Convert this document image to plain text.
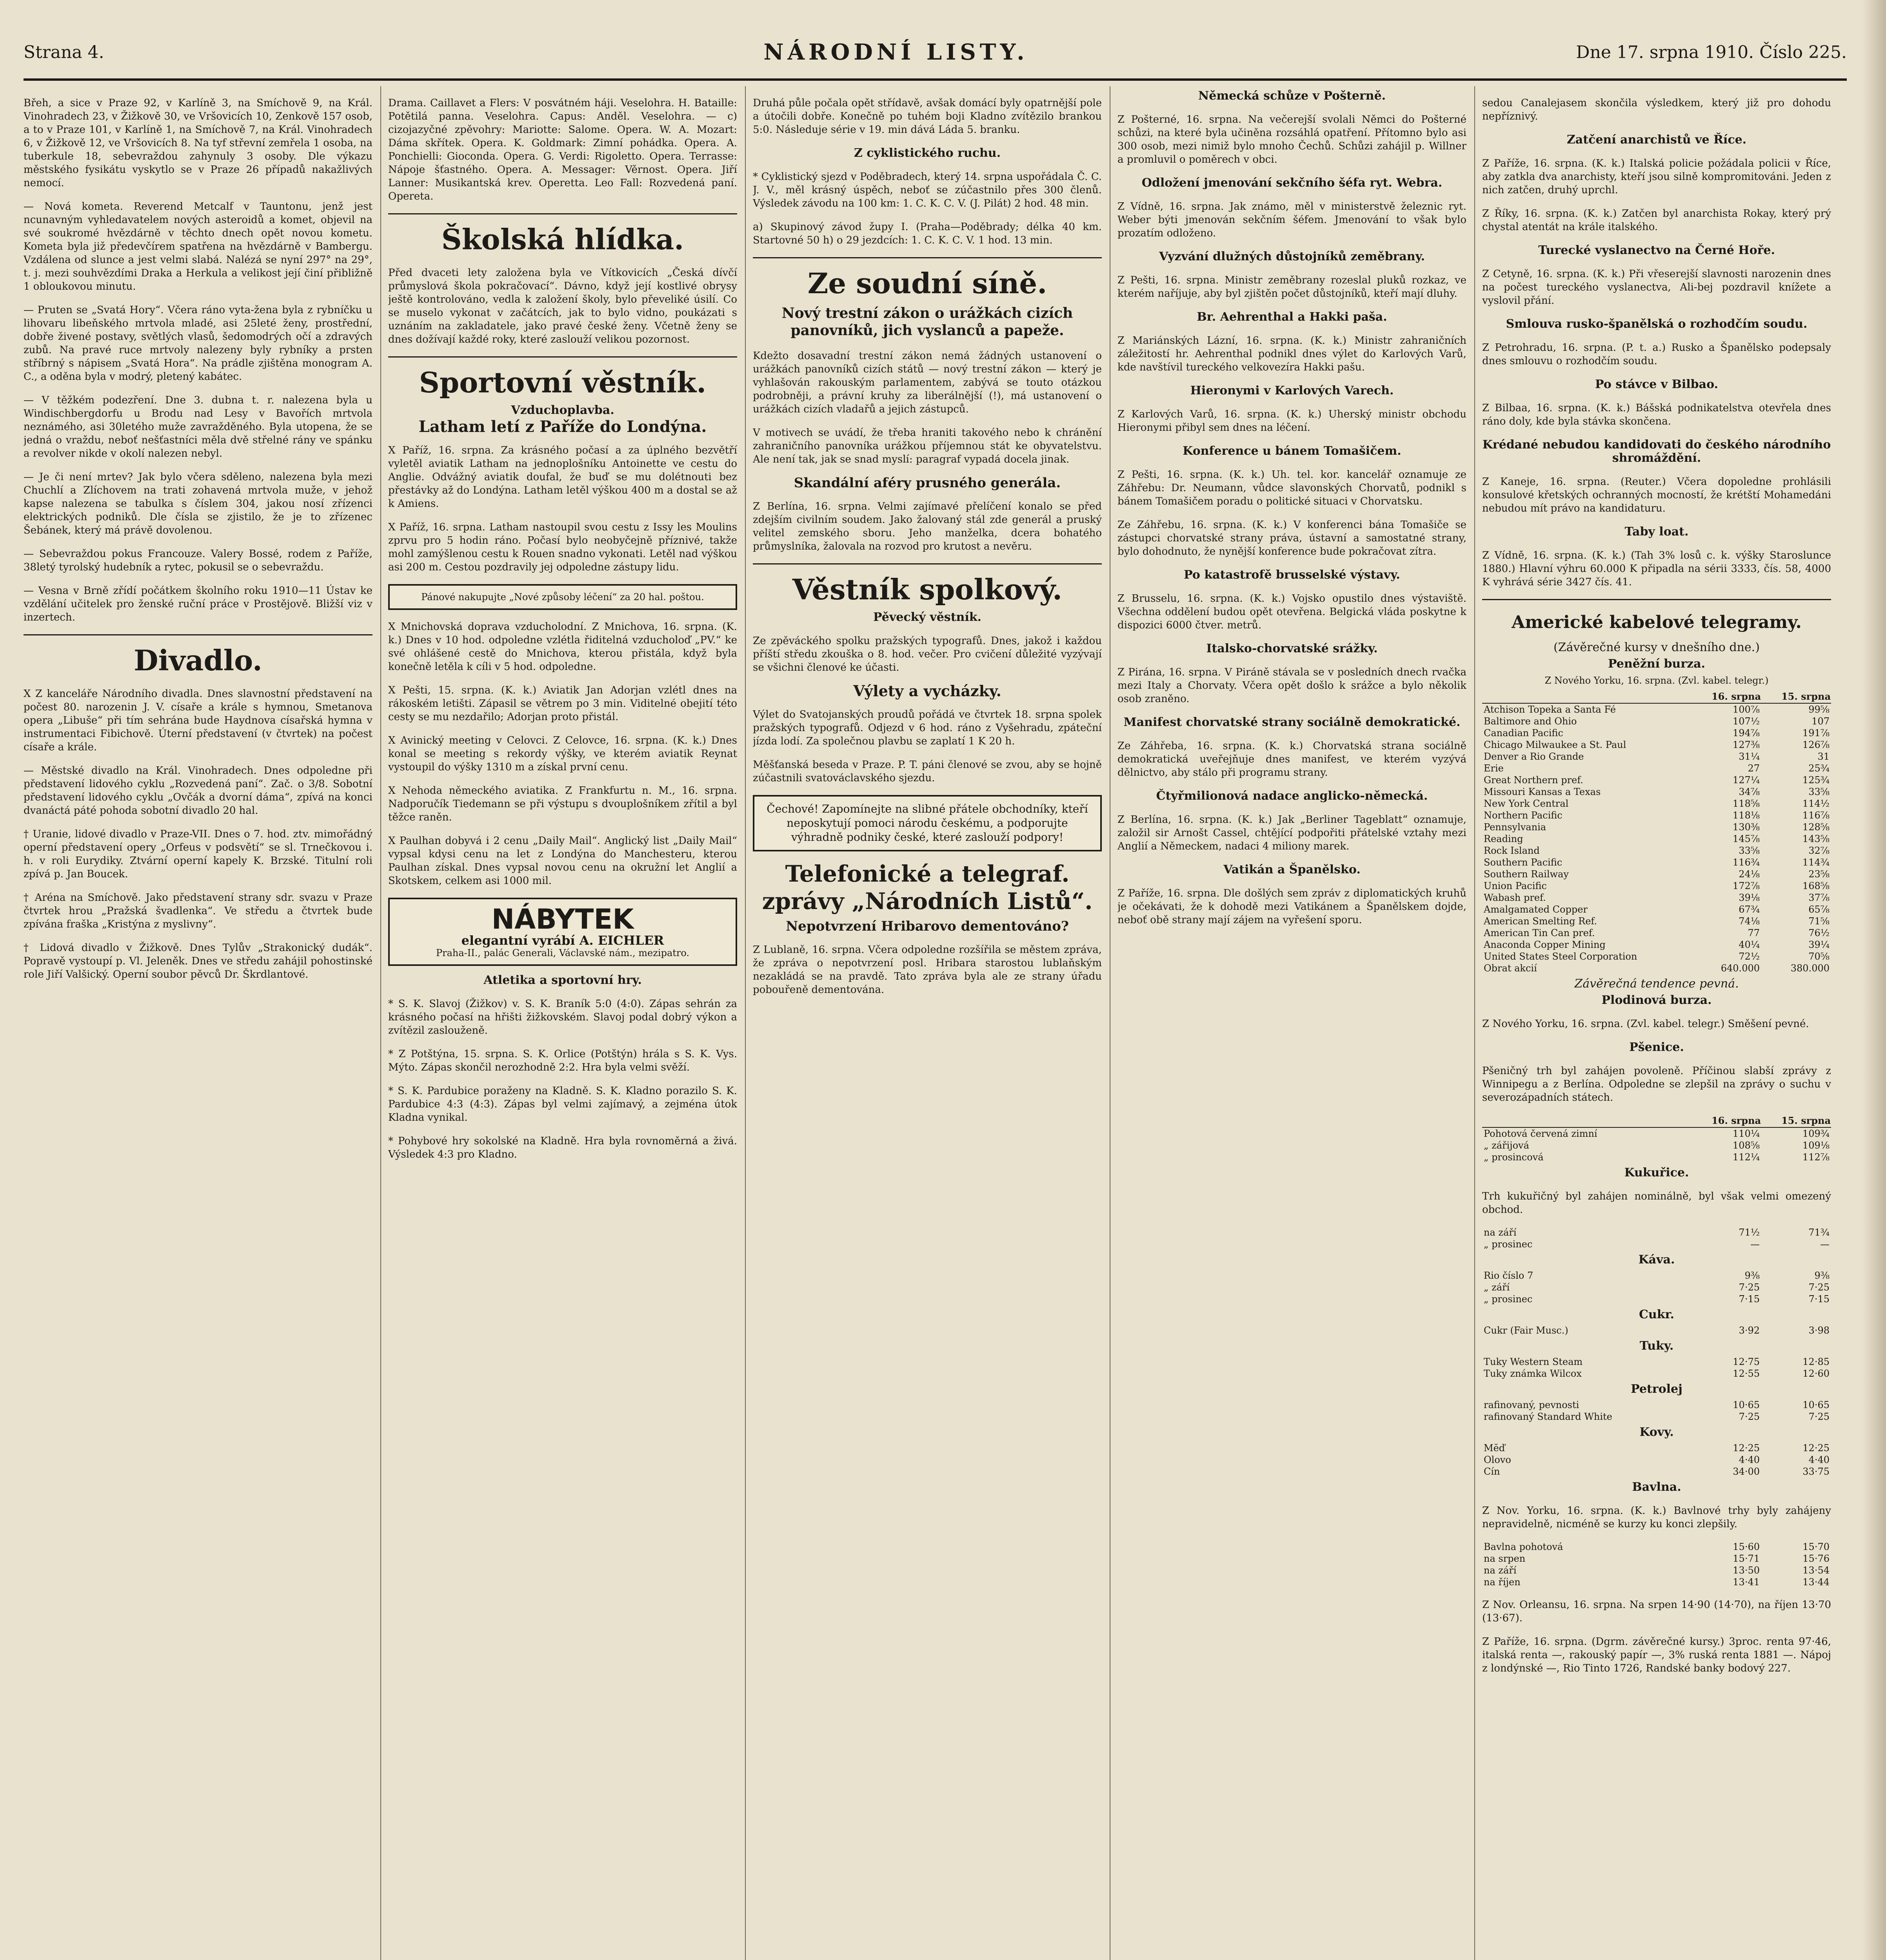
Strana 4.	NÁRODNÍ LISTY.	Dne 17. srpna 1910. Číslo 225.

Břeh, a sice v Praze 92, v Karlíně 3, na Smíchově 9, na Král. Vinohradech 23, v Žižkově 30, ve Vršovicích 10, Zenkově 157 osob, a to v Praze 101, v Karlíně 1, na Smíchově 7, na Král. Vinohradech 6, v Žižkově 12, ve Vršovicích 8. Na tyf střevní zemřela 1 osoba, na tuberkule 18, sebevraždou zahynuly 3 osoby. Dle výkazu městského fysikátu vyskytlo se v Praze 26 případů nakažlivých nemocí.

— Nová kometa. Reverend Metcalf v Tauntonu, jenž jest ncunavným vyhledavatelem nových asteroidů a komet, objevil na své soukromé hvězdárně v těchto dnech opět novou kometu. Kometa byla již předevčírem spatřena na hvězdárně v Bambergu. Vzdálena od slunce a jest velmi slabá. Nalézá se nyní 297° na 29°, t. j. mezi souhvězdími Draka a Herkula a velikost její činí přibližně 1 obloukovou minutu.

— Pruten se „Svatá Hory“. Včera ráno vyta-žena byla z rybníčku u lihovaru libeňského mrtvola mladé, asi 25leté ženy, prostřední, dobře živené postavy, světlých vlasů, šedomodrých očí a zdravých zubů. Na pravé ruce mrtvoly nalezeny byly rybníky a prsten stříbrný s nápisem „Svatá Hora“. Na prádle zjištěna monogram A. C., a oděna byla v modrý, pletený kabátec.

— V těžkém podezření. Dne 3. dubna t. r. nalezena byla u Windischbergdorfu u Brodu nad Lesy v Bavořích mrtvola neznámého, asi 30letého muže zavražděného. Byla utopena, že se jedná o vraždu, neboť nešťastníci měla dvě střelné rány ve spánku a revolver nikde v okolí nalezen nebyl.

— Je či není mrtev? Jak bylo včera sděleno, nalezena byla mezi Chuchlí a Zlíchovem na trati zohavená mrtvola muže, v jehož kapse nalezena se tabulka s číslem 304, jakou nosí zřízenci elektrických podniků. Dle čísla se zjistilo, že je to zřízenec Šebánek, který má právě dovolenou.

— Sebevraždou pokus Francouze. Valery Bossé, rodem z Paříže, 38letý tyrolský hudebník a rytec, pokusil se o sebevraždu.

— Vesna v Brně zřídí počátkem školního roku 1910—11 Ústav ke vzdělání učitelek pro ženské ruční práce v Prostějově. Bližší viz v inzertech.

Divadlo.

X Z kanceláře Národního divadla. Dnes slavnostní představení na počest 80. narozenin J. V. císaře a krále s hymnou, Smetanova opera „Libuše“ při tím sehrána bude Haydnova císařská hymna v instrumentaci Fibichově. Úterní představení (v čtvrtek) na počest císaře a krále.

— Městské divadlo na Král. Vinohradech. Dnes odpoledne při představení lidového cyklu „Rozvedená paní“. Zač. o 3/8. Sobotní představení lidového cyklu „Ovčák a dvorní dáma“, zpívá na konci dvanáctá páté pohoda sobotní divadlo 20 hal.

† Uranie, lidové divadlo v Praze-VII. Dnes o 7. hod. ztv. mimořádný operní představení opery „Orfeus v podsvětí“ se sl. Trnečkovou i. h. v roli Eurydiky. Ztvární operní kapely K. Brzské. Titulní roli zpívá p. Jan Boucek.

† Aréna na Smíchově. Jako představení strany sdr. svazu v Praze čtvrtek hrou „Pražská švadlenka“. Ve středu a čtvrtek bude zpívána fraška „Kristýna z myslivny“.

† Lidová divadlo v Žižkově. Dnes Tylův „Strakonický dudák“. Popravě vystoupí p. Vl. Jeleněk. Dnes ve středu zahájil pohostinské role Jiří Valšický. Operní soubor pěvců Dr. Škrdlantové.

Drama. Caillavet a Flers: V posvátném háji. Veselohra. H. Bataille: Potětilá panna. Veselohra. Capus: Anděl. Veselohra. — c) cizojazyčné zpěvohry: Mariotte: Salome. Opera. W. A. Mozart: Dáma skřítek. Opera. K. Goldmark: Zimní pohádka. Opera. A. Ponchielli: Gioconda. Opera. G. Verdi: Rigoletto. Opera. Terrasse: Nápoje šťastného. Opera. A. Messager: Věrnost. Opera. Jiří Lanner: Musikantská krev. Operetta. Leo Fall: Rozvedená paní. Opereta.

Školská hlídka.

Před dvaceti lety založena byla ve Vítkovicích „Česká dívčí průmyslová škola pokračovací“. Dávno, když její kostlivé obrysy ještě kontrolováno, vedla k založení školy, bylo převeliké úsilí. Co se muselo vykonat v začátcích, jak to bylo vidno, poukázati s uznáním na zakladatele, jako pravé české ženy. Včetně ženy se dnes dožívají každé roky, které zaslouží velikou pozornost.

Sportovní věstník.
Vzduchoplavba.
Latham letí z Paříže do Londýna.

X Paříž, 16. srpna. Za krásného počasí a za úplného bezvětří vyletěl aviatik Latham na jednoplošníku Antoinette ve cestu do Anglie. Odvážný aviatik doufal, že buď se mu dolétnouti bez přestávky až do Londýna. Latham letěl výškou 400 m a dostal se až k Amiens.

X Paříž, 16. srpna. Latham nastoupil svou cestu z Issy les Moulins zprvu pro 5 hodin ráno. Počasí bylo neobyčejně příznivé, takže mohl zamýšlenou cestu k Rouen snadno vykonati. Letěl nad výškou asi 200 m. Cestou pozdravily jej odpoledne zástupy lidu.

Pánové nakupujte „Nové způsoby léčení“ za 20 hal. poštou.

X Mnichovská doprava vzducholodní. Z Mnichova, 16. srpna. (K. k.) Dnes v 10 hod. odpoledne vzlétla řiditelná vzducholoď „PV.“ ke své ohlášené cestě do Mnichova, kterou přistála, když byla konečně letěla k cíli v 5 hod. odpoledne.

X Pešti, 15. srpna. (K. k.) Aviatik Jan Adorjan vzlétl dnes na rákoském letišti. Zápasil se větrem po 3 min. Viditelné obejití této cesty se mu nezdařilo; Adorjan proto přistál.

X Avinický meeting v Celovci. Z Celovce, 16. srpna. (K. k.) Dnes konal se meeting s rekordy výšky, ve kterém aviatik Reynat vystoupil do výšky 1310 m a získal první cenu.

X Nehoda německého aviatika. Z Frankfurtu n. M., 16. srpna. Nadporučík Tiedemann se při výstupu s dvouplošníkem zřítil a byl těžce raněn.

X Paulhan dobyvá i 2 cenu „Daily Mail“. Anglický list „Daily Mail“ vypsal kdysi cenu na let z Londýna do Manchesteru, kterou Paulhan získal. Dnes vypsal novou cenu na okružní let Anglií a Skotskem, celkem asi 1000 mil.

NÁBYTEK
elegantní vyrábí A. EICHLER
Praha-II., palác Generali, Václavské nám., mezipatro.
Atletika a sportovní hry.

* S. K. Slavoj (Žižkov) v. S. K. Braník 5:0 (4:0). Zápas sehrán za krásného počasí na hřišti žižkovském. Slavoj podal dobrý výkon a zvítězil zaslouženě.

* Z Potštýna, 15. srpna. S. K. Orlice (Potštýn) hrála s S. K. Vys. Mýto. Zápas skončil nerozhodně 2:2. Hra byla velmi svěží.

* S. K. Pardubice poraženy na Kladně. S. K. Kladno porazilo S. K. Pardubice 4:3 (4:3). Zápas byl velmi zajímavý, a zejména útok Kladna vynikal.

* Pohybové hry sokolské na Kladně. Hra byla rovnoměrná a živá. Výsledek 4:3 pro Kladno.

Druhá půle počala opět střídavě, avšak domácí byly opatrnější pole a útočili dobře. Konečně po tuhém boji Kladno zvítězilo brankou 5:0. Následuje série v 19. min dává Láda 5. branku.

Z cyklistického ruchu.

* Cyklistický sjezd v Poděbradech, který 14. srpna uspořádala Č. C. J. V., měl krásný úspěch, neboť se zúčastnilo přes 300 členů. Výsledek závodu na 100 km: 1. C. K. C. V. (J. Pilát) 2 hod. 48 min.

a) Skupinový závod župy I. (Praha—Poděbrady; délka 40 km. Startovné 50 h) o 29 jezdcích: 1. C. K. C. V. 1 hod. 13 min.

Ze soudní síně.
Nový trestní zákon o urážkách cizích panovníků, jich vyslanců a papeže.

Kdežto dosavadní trestní zákon nemá žádných ustanovení o urážkách panovníků cizích států — nový trestní zákon — který je vyhlašován rakouským parlamentem, zabývá se touto otázkou podrobněji, a právní kruhy za liberálnější (!), má ustanovení o urážkách cizích vladařů a jejich zástupců.

V motivech se uvádí, že třeba hraniti takového nebo k chránění zahraničního panovníka urážkou příjemnou stát ke obyvatelstvu. Ale není tak, jak se snad myslí: paragraf vypadá docela jinak.

Skandální aféry prusného generála.

Z Berlína, 16. srpna. Velmi zajímavé přelíčení konalo se před zdejším civilním soudem. Jako žalovaný stál zde generál a pruský velitel zemského sboru. Jeho manželka, dcera bohatého průmyslníka, žalovala na rozvod pro krutost a nevěru.

Věstník spolkový.
Pěvecký věstník.

Ze zpěváckého spolku pražských typografů. Dnes, jakož i každou příští středu zkouška o 8. hod. večer. Pro cvičení důležité vyzývají se všichni členové ke účasti.

Výlety a vycházky.

Výlet do Svatojanských proudů pořádá ve čtvrtek 18. srpna spolek pražských typografů. Odjezd v 6 hod. ráno z Vyšehradu, zpáteční jízda lodí. Za společnou plavbu se zaplatí 1 K 20 h.

Měšťanská beseda v Praze. P. T. páni členové se zvou, aby se hojně zúčastnili svatováclavského sjezdu.

Čechové! Zapomínejte na slibné přátele obchodníky, kteří neposkytují pomoci národu českému, a podporujte výhradně podniky české, které zaslouží podpory!
Telefonické a telegraf. zprávy „Národních Listů“.
Nepotvrzení Hribarovo dementováno?

Z Lublaně, 16. srpna. Včera odpoledne rozšířila se městem zpráva, že zpráva o nepotvrzení posl. Hribara starostou lublaňským nezakládá se na pravdě. Tato zpráva byla ale ze strany úřadu pobouřeně dementována.

Německá schůze v Pošterně.

Z Pošterné, 16. srpna. Na večerejší svolali Němci do Pošterné schůzi, na které byla učiněna rozsáhlá opatření. Přítomno bylo asi 300 osob, mezi nimiž bylo mnoho Čechů. Schůzi zahájil p. Willner a promluvil o poměrech v obci.

Odložení jmenování sekčního šéfa ryt. Webra.

Z Vídně, 16. srpna. Jak známo, měl v ministerstvě železnic ryt. Weber býti jmenován sekčním šéfem. Jmenování to však bylo prozatím odloženo.

Vyzvání dlužných důstojníků zeměbrany.

Z Pešti, 16. srpna. Ministr zeměbrany rozeslal pluků rozkaz, ve kterém naříjuje, aby byl zjištěn počet důstojníků, kteří mají dluhy.

Br. Aehrenthal a Hakki paša.

Z Mariánských Lázní, 16. srpna. (K. k.) Ministr zahraničních záležitostí hr. Aehrenthal podnikl dnes výlet do Karlových Varů, kde navštívil tureckého velkovezíra Hakki pašu.

Hieronymi v Karlových Varech.

Z Karlových Varů, 16. srpna. (K. k.) Uherský ministr obchodu Hieronymi přibyl sem dnes na léčení.

Konference u bánem Tomašičem.

Z Pešti, 16. srpna. (K. k.) Uh. tel. kor. kancelář oznamuje ze Záhřebu: Dr. Neumann, vůdce slavonských Chorvatů, podnikl s bánem Tomašičem poradu o politické situaci v Chorvatsku.

Ze Záhřebu, 16. srpna. (K. k.) V konferenci bána Tomašiče se zástupci chorvatské strany práva, ústavní a samostatné strany, bylo dohodnuto, že nynější konference bude pokračovat zítra.

Po katastrofě brusselské výstavy.

Z Brusselu, 16. srpna. (K. k.) Vojsko opustilo dnes výstaviště. Všechna oddělení budou opět otevřena. Belgická vláda poskytne k dispozici 6000 čtver. metrů.

Italsko-chorvatské srážky.

Z Pirána, 16. srpna. V Piráně stávala se v posledních dnech rvačka mezi Italy a Chorvaty. Včera opět došlo k srážce a bylo několik osob zraněno.

Manifest chorvatské strany sociálně demokratické.

Ze Záhřeba, 16. srpna. (K. k.) Chorvatská strana sociálně demokratická uveřejňuje dnes manifest, ve kterém vyzývá dělnictvo, aby stálo při programu strany.

Čtyřmilionová nadace anglicko-německá.

Z Berlína, 16. srpna. (K. k.) Jak „Berliner Tageblatt“ oznamuje, založil sir Arnošt Cassel, chtějící podpořiti přátelské vztahy mezi Anglií a Německem, nadaci 4 miliony marek.

Vatikán a Španělsko.

Z Paříže, 16. srpna. Dle došlých sem zpráv z diplomatických kruhů je očekávati, že k dohodě mezi Vatikánem a Španělskem dojde, neboť obě strany mají zájem na vyřešení sporu.

sedou Canalejasem skončila výsledkem, který již pro dohodu nepříznivý.

Zatčení anarchistů ve Říce.

Z Paříže, 16. srpna. (K. k.) Italská policie požádala policii v Říce, aby zatkla dva anarchisty, kteří jsou silně kompromitováni. Jeden z nich zatčen, druhý uprchl.

Z Říky, 16. srpna. (K. k.) Zatčen byl anarchista Rokay, který prý chystal atentát na krále italského.

Turecké vyslanectvo na Černé Hoře.

Z Cetyně, 16. srpna. (K. k.) Při vřeserejší slavnosti narozenin dnes na počest tureckého vyslanectva, Ali-bej pozdravil knížete a vyslovil přání.

Smlouva rusko-španělská o rozhodčím soudu.

Z Petrohradu, 16. srpna. (P. t. a.) Rusko a Španělsko podepsaly dnes smlouvu o rozhodčím soudu.

Po stávce v Bilbao.

Z Bilbaa, 16. srpna. (K. k.) Bášská podnikatelstva otevřela dnes ráno doly, kde byla stávka skončena.

Krédané nebudou kandidovati do českého národního shromáždění.

Z Kaneje, 16. srpna. (Reuter.) Včera dopoledne prohlásili konsulové křetských ochranných mocností, že krétští Mohamedáni nebudou mít právo na kandidaturu.

Taby loat.

Z Vídně, 16. srpna. (K. k.) (Tah 3% losů c. k. výšky Staroslunce 1880.) Hlavní výhru 60.000 K připadla na sérii 3333, čís. 58, 4000 K vyhrává série 3427 čís. 41.

Americké kabelové telegramy.
(Závěrečné kursy v dnešního dne.)
Peněžní burza.
Z Nového Yorku, 16. srpna. (Zvl. kabel. telegr.)
	16. srpna	15. srpna
Atchison Topeka a Santa Fé	100⁷⁄₈	99⅝
Baltimore and Ohio	107¹⁄₂	107
Canadian Pacific	194⁷⁄₈	191⅞
Chicago Milwaukee a St. Paul	127⅜	126⅞
Denver a Rio Grande	31¼	31
Erie	27	25¾
Great Northern pref.	127¹⁄₄	125¾
Missouri Kansas a Texas	34⅞	33⅝
New York Central	118⅝	114½
Northern Pacific	118⅛	116⅞
Pennsylvania	130⅜	128⅝
Reading	145⅞	143⅝
Rock Island	33⅝	32⁷⁄₈
Southern Pacific	116¾	114¾
Southern Railway	24⅛	23⅝
Union Pacific	172⅞	168⅝
Wabash pref.	39⅛	37⅞
Amalgamated Copper	67¾	65⅞
American Smelting Ref.	74⅛	71⅝
American Tin Can pref.	77	76½
Anaconda Copper Mining	40¼	39¼
United States Steel Corporation	72½	70⅝
Obrat akcií	640.000	380.000
Závěrečná tendence pevná.
Plodinová burza.

Z Nového Yorku, 16. srpna. (Zvl. kabel. telegr.) Směšení pevné.

Pšenice.

Pšeničný trh byl zahájen povoleně. Příčinou slabší zprávy z Winnipegu a z Berlína. Odpoledne se zlepšil na zprávy o suchu v severozápadních státech.

	16. srpna	15. srpna
Pohotová červená zimní	110¼	109¾
„ zářijová	108⅝	109⅛
„ prosincová	112¼	112⅞
Kukuřice.

Trh kukuřičný byl zahájen nominálně, byl však velmi omezený obchod.

na září	71½	71¾
„ prosinec	—	—
Káva.
Rio číslo 7	9⅜	9⅜
„ září	7·25	7·25
„ prosinec	7·15	7·15
Cukr.
Cukr (Fair Musc.)	3·92	3·98
Tuky.
Tuky Western Steam	12·75	12·85
Tuky známka Wilcox	12·55	12·60
Petrolej
rafinovaný, pevnosti	10·65	10·65
rafinovaný Standard White	7·25	7·25
Kovy.
Mĕď	12·25	12·25
Olovo	4·40	4·40
Cín	34·00	33·75
Bavlna.

Z Nov. Yorku, 16. srpna. (K. k.) Bavlnové trhy byly zahájeny nepravidelně, nicméně se kurzy ku konci zlepšily.

Bavlna pohotová	15·60	15·70
na srpen	15·71	15·76
na září	13·50	13·54
na říjen	13·41	13·44

Z Nov. Orleansu, 16. srpna. Na srpen 14·90 (14·70), na říjen 13·70 (13·67).

Z Paříže, 16. srpna. (Dgrm. závěrečné kursy.) 3proc. renta 97·46, italská renta —, rakouský papír —, 3% ruská renta 1881 —. Nápoj z londýnské —, Rio Tinto 1726, Randské banky bodový 227.
